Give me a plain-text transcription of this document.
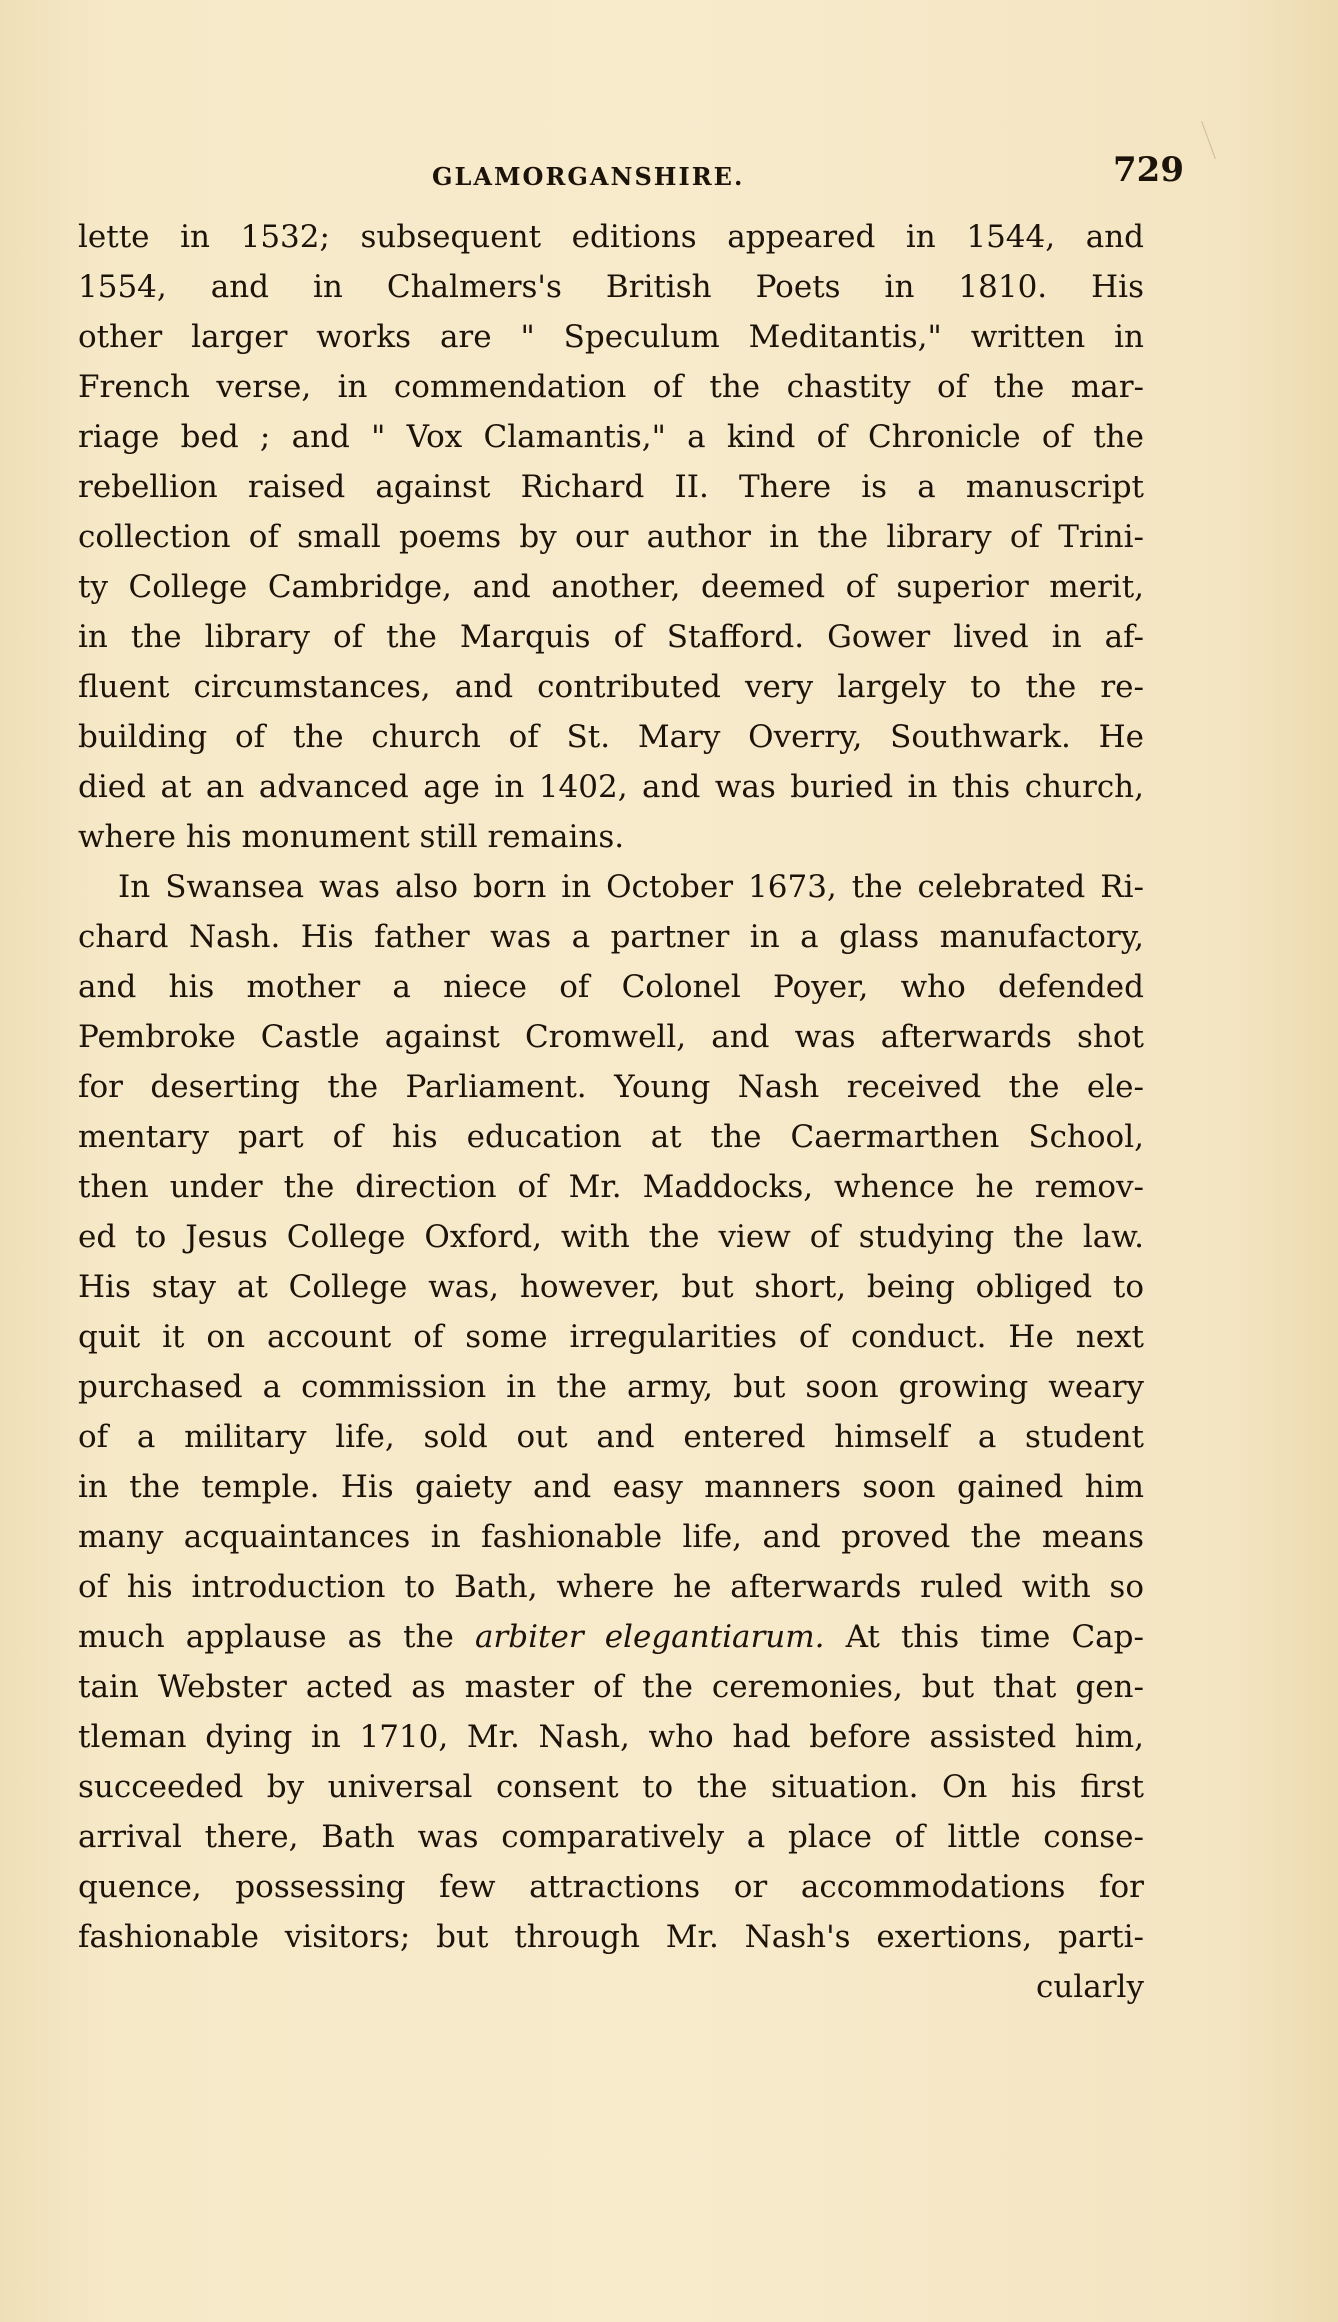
GLAMORGANSHIRE.	729
lette in 1532; subsequent editions appeared in 1544, and
1554, and in Chalmers's British Poets in 1810. His
other larger works are " Speculum Meditantis," written in
French verse, in commendation of the chastity of the mar-
riage bed ; and " Vox Clamantis," a kind of Chronicle of the
rebellion raised against Richard II. There is a manuscript
collection of small poems by our author in the library of Trini-
ty College Cambridge, and another, deemed of superior merit,
in the library of the Marquis of Stafford. Gower lived in af-
fluent circumstances, and contributed very largely to the re-
building of the church of St. Mary Overry, Southwark. He
died at an advanced age in 1402, and was buried in this church,
where his monument still remains.
In Swansea was also born in October 1673, the celebrated Ri-
chard Nash. His father was a partner in a glass manufactory,
and his mother a niece of Colonel Poyer, who defended
Pembroke Castle against Cromwell, and was afterwards shot
for deserting the Parliament. Young Nash received the ele-
mentary part of his education at the Caermarthen School,
then under the direction of Mr. Maddocks, whence he remov-
ed to Jesus College Oxford, with the view of studying the law.
His stay at College was, however, but short, being obliged to
quit it on account of some irregularities of conduct. He next
purchased a commission in the army, but soon growing weary
of a military life, sold out and entered himself a student
in the temple. His gaiety and easy manners soon gained him
many acquaintances in fashionable life, and proved the means
of his introduction to Bath, where he afterwards ruled with so
much applause as the arbiter elegantiarum. At this time Cap-
tain Webster acted as master of the ceremonies, but that gen-
tleman dying in 1710, Mr. Nash, who had before assisted him,
succeeded by universal consent to the situation. On his first
arrival there, Bath was comparatively a place of little conse-
quence, possessing few attractions or accommodations for
fashionable visitors; but through Mr. Nash's exertions, parti-
cularly
